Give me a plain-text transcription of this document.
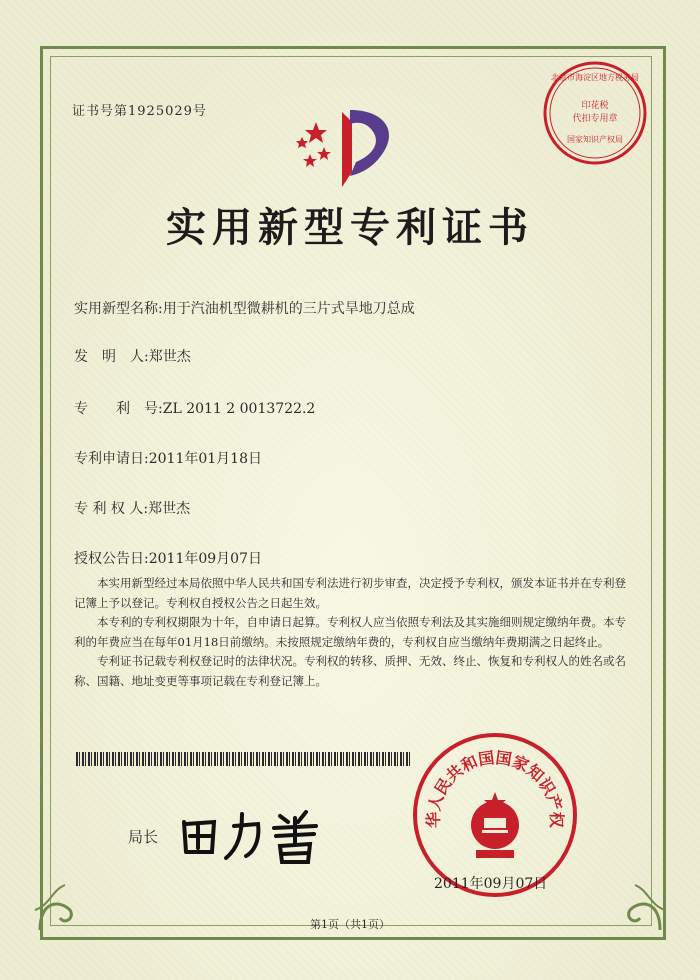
证书号第1925029号	印花税
代扣专用章
国家知识产权局
北京市海淀区地方税务局
实用新型专利证书
实用新型名称:用于汽油机型微耕机的三片式旱地刀总成
发　明　人:郑世杰
专　　利　号:ZL 2011 2 0013722.2
专利申请日:2011年01月18日
专 利 权 人:郑世杰
授权公告日:2011年09月07日

本实用新型经过本局依照中华人民共和国专利法进行初步审查，决定授予专利权，颁发本证书并在专利登记簿上予以登记。专利权自授权公告之日起生效。

本专利的专利权期限为十年，自申请日起算。专利权人应当依照专利法及其实施细则规定缴纳年费。本专利的年费应当在每年01月18日前缴纳。未按照规定缴纳年费的，专利权自应当缴纳年费期满之日起终止。

专利证书记载专利权登记时的法律状况。专利权的转移、质押、无效、终止、恢复和专利权人的姓名或名称、国籍、地址变更等事项记载在专利登记簿上。

局长
华人民共和国国家知识产权
2011年09月07日
第1页（共1页）
